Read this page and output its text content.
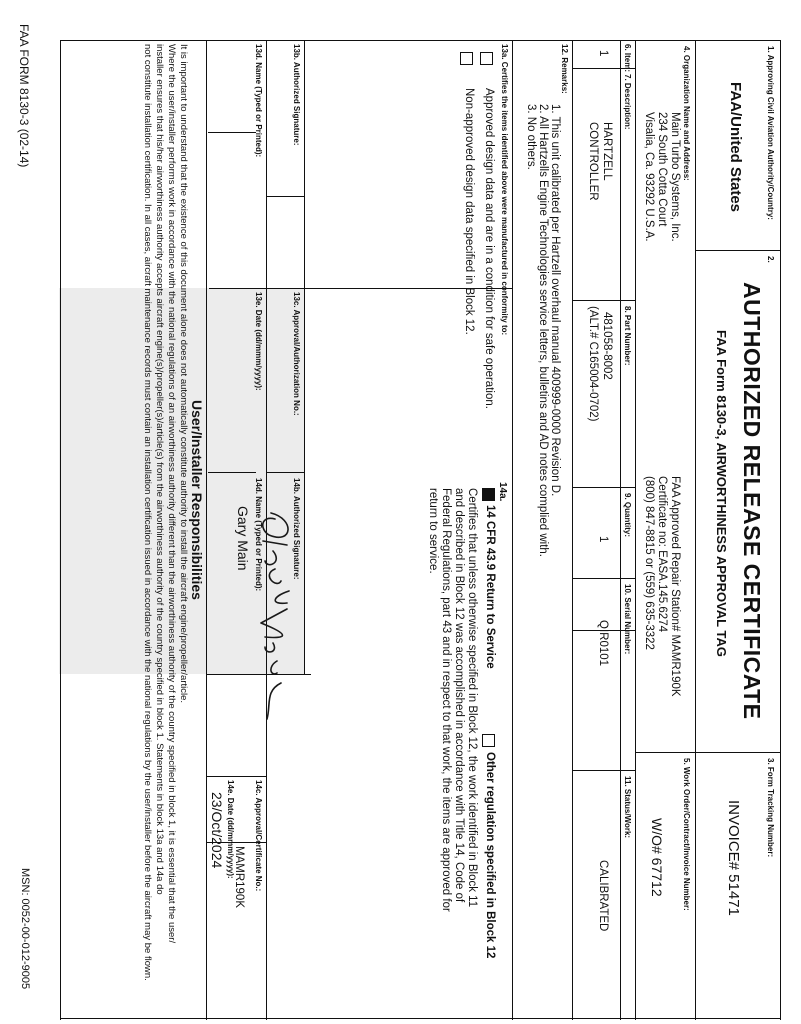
1. Approving Civil Aviation Authority/Country:
FAA/United States
2.
AUTHORIZED RELEASE CERTIFICATE
FAA Form 8130-3, AIRWORTHINESS APPROVAL TAG
3. Form Tracking Number:
INVOICE# 51471
4. Organization Name and Address:
Main Turbo Systems, Inc.
234 South Cotta Court
Visalia, Ca. 93292 U.S.A.
FAA Approved Repair Station# MAMR190K
Certificate no: EASA.145.6274
(800) 847-8815 or (559) 635-3322
5. Work Order/Contract/Invoice Number:
W/O# 67712
6. Item:
7. Description:
8. Part Number:
9. Quantity:
10. Serial Number:
11. Status/Work:
1
HARTZELL
CONTROLLER
481058-8002
(ALT.# C165004-0702)
1
QIR0101
CALIBRATED
12. Remarks:
1. This unit calibrated per Hartzell overhaul manual 400999-0000 Revision D.
2. All Hartzells Engine Technologies service letters, bulletins and AD notes complied with.
3. No others.
13a. Certifies the items identified above were manufactured in conformity to:
Approved design data and are in a condition for safe operation.
Non-approved design data specified in Block 12.
14a.
14 CFR 43.9 Return to Service
Other regulation specified in Block 12
Certifies that unless otherwise specified in Block 12, the work identified in Block 11
and described in Block 12 was accomplished in accordance with Title 14, Code of
Federal Regulations, part 43 and in respect to that work, the items are approved for
return to service.
13b. Authorized Signature:
13c. Approval/Authorization No.:
13d. Name (Typed or Printed):
13e. Date (dd/mmm/yyyy):
14b. Authorized Signature:
14c. Approval/Certificate No.:
MAMR190K
14d. Name (Typed or Printed):
Gary Main
14e. Date (dd/mmm/yyyy):
23/Oct/2024
User/Installer Responsibilities
It is important to understand that the existence of this document alone does not automatically constitute authority to install the aircraft engine/propeller/article.
Where the user/installer performs work in accordance with the national regulations of an airworthiness authority different than the airworthiness authority of the country specified in block 1, it is essential that the user/
installer ensures that his/her airworthiness authority accepts aircraft engine(s)/propeller(s)/article(s) from the airworthiness authority of the country specified in block 1. Statements in block 13a and 14a do
not constitute installation certification. In all cases, aircraft maintenance records must contain an installation certification issued in accordance with the national regulations by the user/installer before the aircraft may be flown.
FAA FORM 8130-3 (02-14)
MSN: 0052-00-012-9005
